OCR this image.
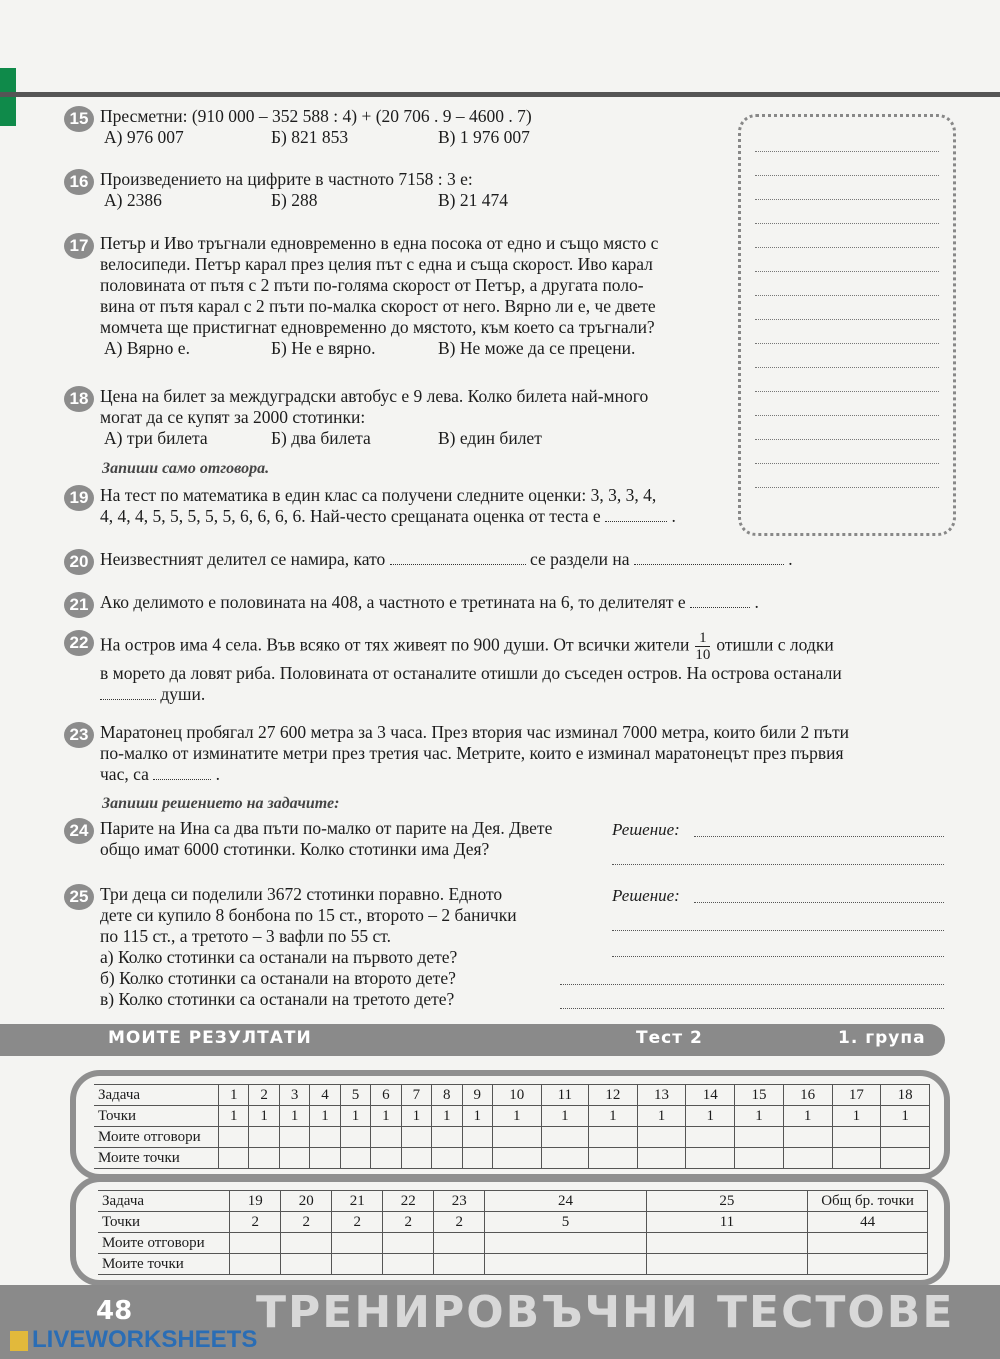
15 Пресметни: (910 000 – 352 588 : 4) + (20 706 . 9 – 4600 . 7)
А) 976 007	Б) 821 853	В) 1 976 007
16 Произведението на цифрите в частното 7158 : 3 е:
А) 2386	Б) 288	В) 21 474
17 Петър и Иво тръгнали едновременно в една посока от едно и също място с
велосипеди. Петър карал през целия път с една и съща скорост. Иво карал
половината от пътя с 2 пъти по-голяма скорост от Петър, а другата поло-
вина от пътя карал с 2 пъти по-малка скорост от него. Вярно ли е, че двете
момчета ще пристигнат едновременно до мястото, към което са тръгнали?
А) Вярно е.	Б) Не е вярно.	В) Не може да се прецени.
18 Цена на билет за междуградски автобус е 9 лева. Колко билета най-много
могат да се купят за 2000 стотинки:
А) три билета	Б) два билета	В) един билет
Запиши само отговора.
19 На тест по математика в един клас са получени следните оценки: 3, 3, 3, 4,
4, 4, 4, 5, 5, 5, 5, 5, 6, 6, 6, 6. Най-често срещаната оценка от теста е	.
20 Неизвестният делител се намира, като	се раздели на	.
21 Ако делимото е половината на 408, а частното е третината на 6, то делителят е	.
22 На остров има 4 села. Във всяко от тях живеят по 900 души. От всички жители $\frac{1}{10}$ отишли с лодки
в морето да ловят риба. Половината от останалите отишли до съседен остров. На острова останали
души.
23 Маратонец пробягал 27 600 метра за 3 часа. През втория час изминал 7000 метра, които били 2 пъти
по-малко от изминатите метри през третия час. Метрите, които е изминал маратонецът през първия
час, са	.
Запиши решението на задачите:
24 Парите на Ина са два пъти по-малко от парите на Дея. Двете
общо имат 6000 стотинки. Колко стотинки има Дея?
Решение:
25 Три деца си поделили 3672 стотинки поравно. Едното
дете си купило 8 бонбона по 15 ст., второто – 2 банички
по 115 ст., а третото – 3 вафли по 55 ст.
а) Колко стотинки са останали на първото дете?
б) Колко стотинки са останали на второто дете?
в) Колко стотинки са останали на третото дете?
Решение:
МОИТЕ РЕЗУЛТАТИ	Тест 2	1. група
Задача	1	2	3	4	5	6	7	8	9	10	11	12	13	14	15	16	17	18
Точки	1	1	1	1	1	1	1	1	1	1	1	1	1	1	1	1	1	1
Моите отговори																		
Моите точки																		
Задача	19	20	21	22	23	24	25	Общ бр. точки
Точки	2	2	2	2	2	5	11	44
Моите отговори								
Моите точки								
48	ТРЕНИРОВЪЧНИ ТЕСТОВЕ
LIVEWORKSHEETS
